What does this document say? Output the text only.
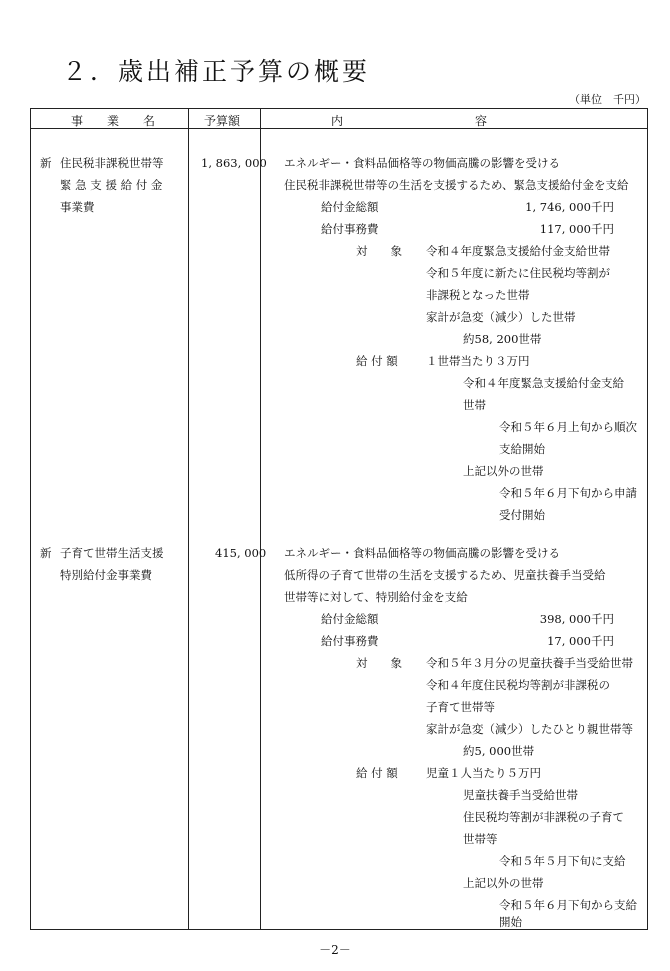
２．歳出補正予算の概要
（単位　千円）
事　　業　　名	予算額	内　　　　　　　　　　　容
新 住民税非課税世帯等
緊 急 支 援 給 付 金
事業費
1, 863, 000 エネルギー・食料品価格等の物価高騰の影響を受ける
住民税非課税世帯等の生活を支援するため、緊急支援給付金を支給
給付金総額	1, 746, 000千円
給付事務費	117, 000千円
対　　象 令和４年度緊急支援給付金支給世帯
令和５年度に新たに住民税均等割が
非課税となった世帯
家計が急変（減少）した世帯
約58, 200世帯
給 付 額 １世帯当たり３万円
令和４年度緊急支援給付金支給
世帯
令和５年６月上旬から順次
支給開始
上記以外の世帯
令和５年６月下旬から申請
受付開始
新 子育て世帯生活支援
特別給付金事業費
415, 000 エネルギー・食料品価格等の物価高騰の影響を受ける
低所得の子育て世帯の生活を支援するため、児童扶養手当受給
世帯等に対して、特別給付金を支給
給付金総額	398, 000千円
給付事務費	17, 000千円
対　　象 令和５年３月分の児童扶養手当受給世帯
令和４年度住民税均等割が非課税の
子育て世帯等
家計が急変（減少）したひとり親世帯等
約5, 000世帯
給 付 額 児童１人当たり５万円
児童扶養手当受給世帯
住民税均等割が非課税の子育て
世帯等
令和５年５月下旬に支給
上記以外の世帯
令和５年６月下旬から支給
開始
－2－
